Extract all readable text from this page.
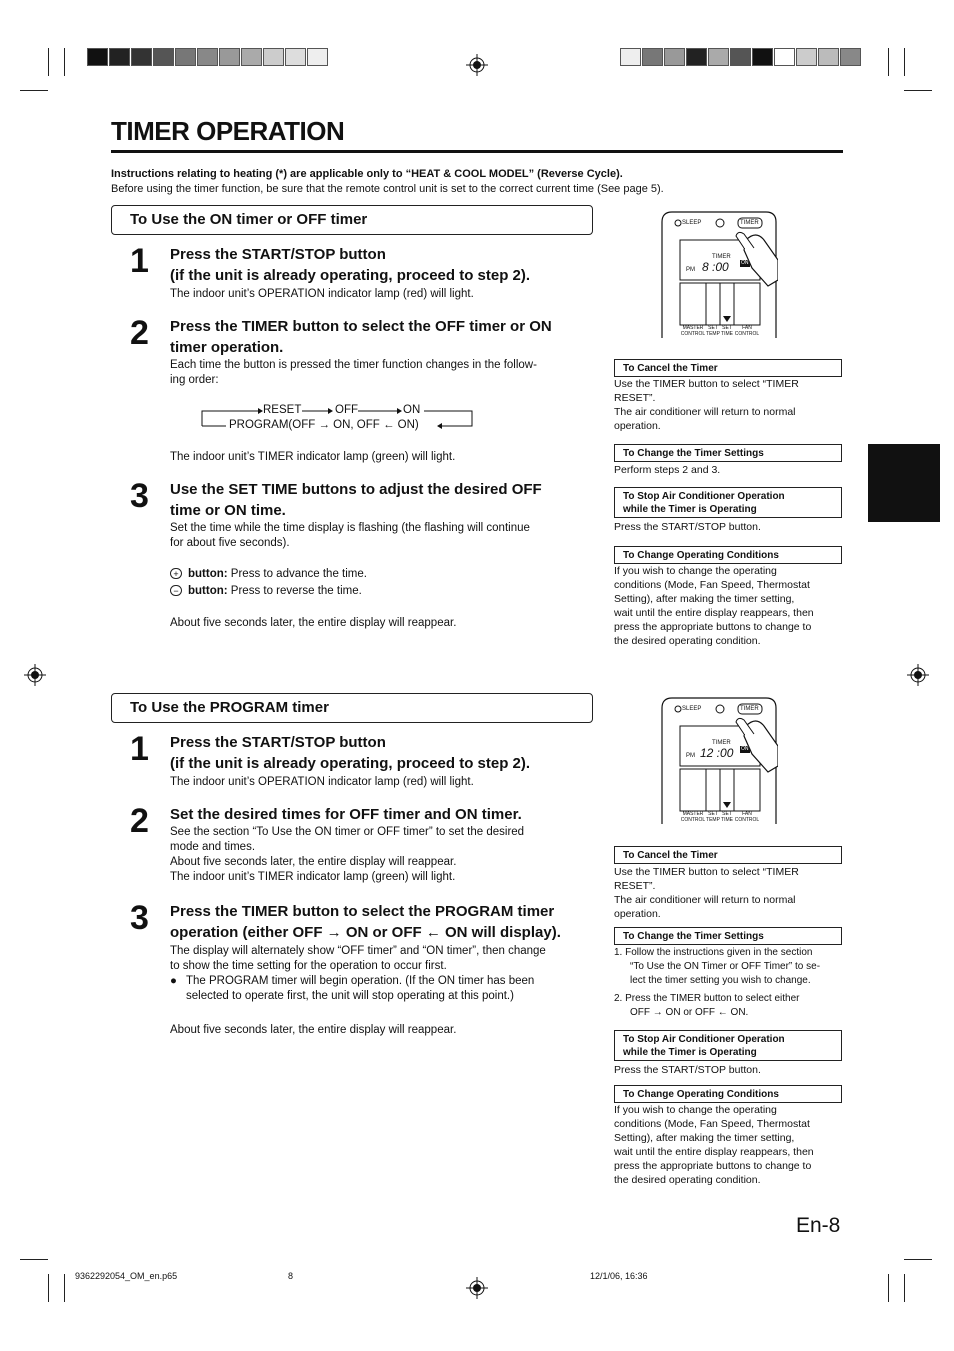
TIMER OPERATION
Instructions relating to heating (*) are applicable only to “HEAT & COOL MODEL” (Reverse Cycle).
Before using the timer function, be sure that the remote control unit is set to the correct current time (See page 5).
To Use the ON timer or OFF timer
1 Press the START/STOP button
(if the unit is already operating, proceed to step 2).
The indoor unit’s OPERATION indicator lamp (red) will light.
2 Press the TIMER button to select the OFF timer or ON
timer operation.
Each time the button is pressed the timer function changes in the follow-
ing order:
RESET	OFF	ON
PROGRAM(OFF → ON, OFF ← ON)
The indoor unit’s TIMER indicator lamp (green) will light.
3 Use the SET TIME buttons to adjust the desired OFF
time or ON time.
Set the time while the time display is flashing (the flashing will continue
for about five seconds).
+ button: Press to advance the time.
− button: Press to reverse the time.
About five seconds later, the entire display will reappear.
SLEEP	TIMER
TIMER
PM 8 :00 ON
MASTER CONTROL
SET TEMP
SET TIME
FAN CONTROL
To Cancel the Timer
Use the TIMER button to select “TIMER
RESET”.
The air conditioner will return to normal
operation.
To Change the Timer Settings
Perform steps 2 and 3.
To Stop Air Conditioner Operation
while the Timer is Operating
Press the START/STOP button.
To Change Operating Conditions
If you wish to change the operating
conditions (Mode, Fan Speed, Thermostat
Setting), after making the timer setting,
wait until the entire display reappears, then
press the appropriate buttons to change to
the desired operating condition.
To Use the PROGRAM timer
1 Press the START/STOP button
(if the unit is already operating, proceed to step 2).
The indoor unit’s OPERATION indicator lamp (red) will light.
2 Set the desired times for OFF timer and ON timer.
See the section “To Use the ON timer or OFF timer” to set the desired
mode and times.
About five seconds later, the entire display will reappear.
The indoor unit’s TIMER indicator lamp (green) will light.
3 Press the TIMER button to select the PROGRAM timer
operation (either OFF → ON or OFF ← ON will display).
The display will alternately show “OFF timer” and “ON timer”, then change
to show the time setting for the operation to occur first.
● The PROGRAM timer will begin operation. (If the ON timer has been
selected to operate first, the unit will stop operating at this point.)
About five seconds later, the entire display will reappear.
SLEEP	TIMER
TIMER
PM 12 :00 ON
MASTER CONTROL
SET TEMP
SET TIME
FAN CONTROL
To Cancel the Timer
Use the TIMER button to select “TIMER
RESET”.
The air conditioner will return to normal
operation.
To Change the Timer Settings
1. Follow the instructions given in the section
“To Use the ON Timer or OFF Timer” to se-
lect the timer setting you wish to change.
2. Press the TIMER button to select either
OFF → ON or OFF ← ON.
To Stop Air Conditioner Operation
while the Timer is Operating
Press the START/STOP button.
To Change Operating Conditions
If you wish to change the operating
conditions (Mode, Fan Speed, Thermostat
Setting), after making the timer setting,
wait until the entire display reappears, then
press the appropriate buttons to change to
the desired operating condition.
En-8
9362292054_OM_en.p65	8	12/1/06, 16:36
